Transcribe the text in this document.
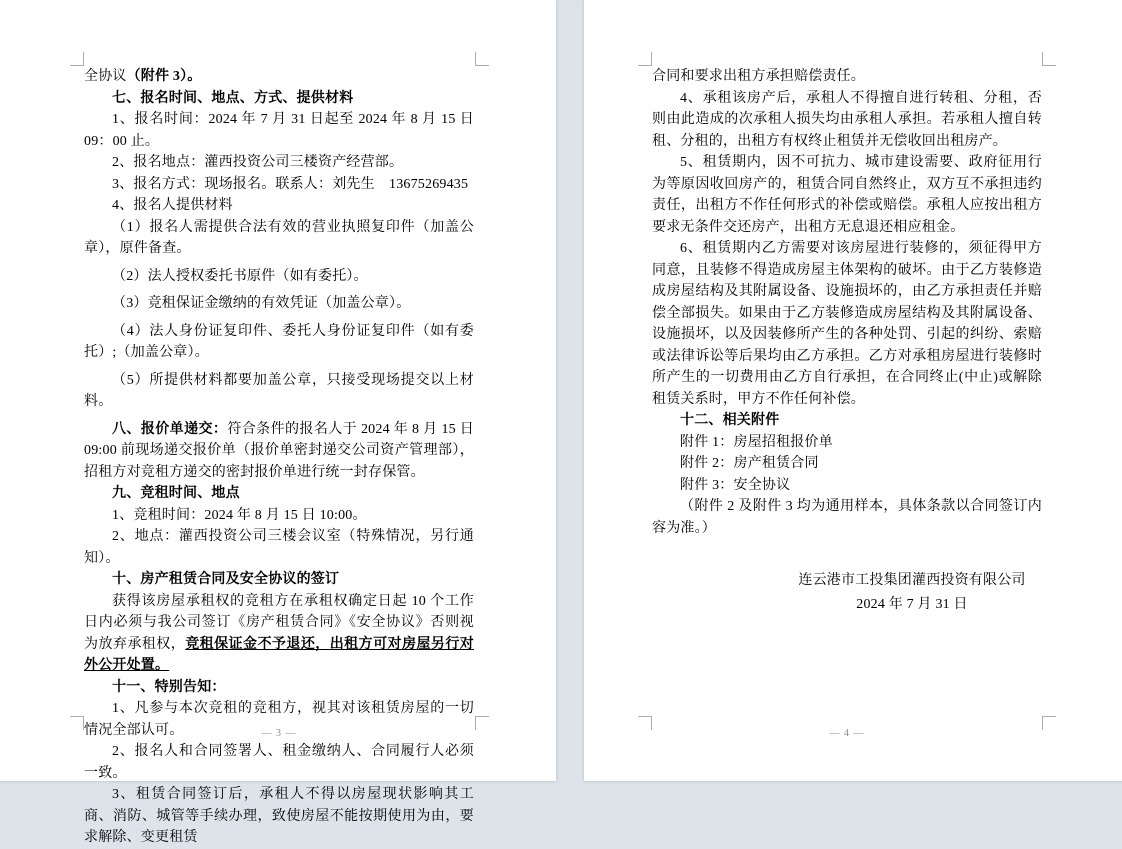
全协议（附件 3）。

七、报名时间、地点、方式、提供材料

1、报名时间：2024 年 7 月 31 日起至 2024 年 8 月 15 日 09：00 止。

2、报名地点：灌西投资公司三楼资产经营部。

3、报名方式：现场报名。联系人：刘先生　13675269435

4、报名人提供材料

（1）报名人需提供合法有效的营业执照复印件（加盖公章），原件备查。

（2）法人授权委托书原件（如有委托）。

（3）竞租保证金缴纳的有效凭证（加盖公章）。

（4）法人身份证复印件、委托人身份证复印件（如有委托）;（加盖公章）。

（5）所提供材料都要加盖公章，只接受现场提交以上材料。

八、报价单递交：符合条件的报名人于 2024 年 8 月 15 日 09:00 前现场递交报价单（报价单密封递交公司资产管理部），招租方对竞租方递交的密封报价单进行统一封存保管。

九、竞租时间、地点

1、竞租时间：2024 年 8 月 15 日 10:00。

2、地点：灌西投资公司三楼会议室（特殊情况，另行通知）。

十、房产租赁合同及安全协议的签订

获得该房屋承租权的竞租方在承租权确定日起 10 个工作日内必须与我公司签订《房产租赁合同》《安全协议》否则视为放弃承租权，竞租保证金不予退还，出租方可对房屋另行对外公开处置。

十一、特别告知：

1、凡参与本次竞租的竞租方，视其对该租赁房屋的一切情况全部认可。

2、报名人和合同签署人、租金缴纳人、合同履行人必须一致。

3、租赁合同签订后，承租人不得以房屋现状影响其工商、消防、城管等手续办理，致使房屋不能按期使用为由，要求解除、变更租赁

合同和要求出租方承担赔偿责任。

4、承租该房产后，承租人不得擅自进行转租、分租，否则由此造成的次承租人损失均由承租人承担。若承租人擅自转租、分租的，出租方有权终止租赁并无偿收回出租房产。

5、租赁期内，因不可抗力、城市建设需要、政府征用行为等原因收回房产的，租赁合同自然终止，双方互不承担违约责任，出租方不作任何形式的补偿或赔偿。承租人应按出租方要求无条件交还房产，出租方无息退还相应租金。

6、租赁期内乙方需要对该房屋进行装修的，须征得甲方同意，且装修不得造成房屋主体架构的破坏。由于乙方装修造成房屋结构及其附属设备、设施损坏的，由乙方承担责任并赔偿全部损失。如果由于乙方装修造成房屋结构及其附属设备、设施损坏，以及因装修所产生的各种处罚、引起的纠纷、索赔或法律诉讼等后果均由乙方承担。乙方对承租房屋进行装修时所产生的一切费用由乙方自行承担，在合同终止(中止)或解除租赁关系时，甲方不作任何补偿。

十二、相关附件

附件 1：房屋招租报价单

附件 2：房产租赁合同

附件 3：安全协议

（附件 2 及附件 3 均为通用样本，具体条款以合同签订内容为准。）

连云港市工投集团灌西投资有限公司
2024 年 7 月 31 日
— 3 —	— 4 —
